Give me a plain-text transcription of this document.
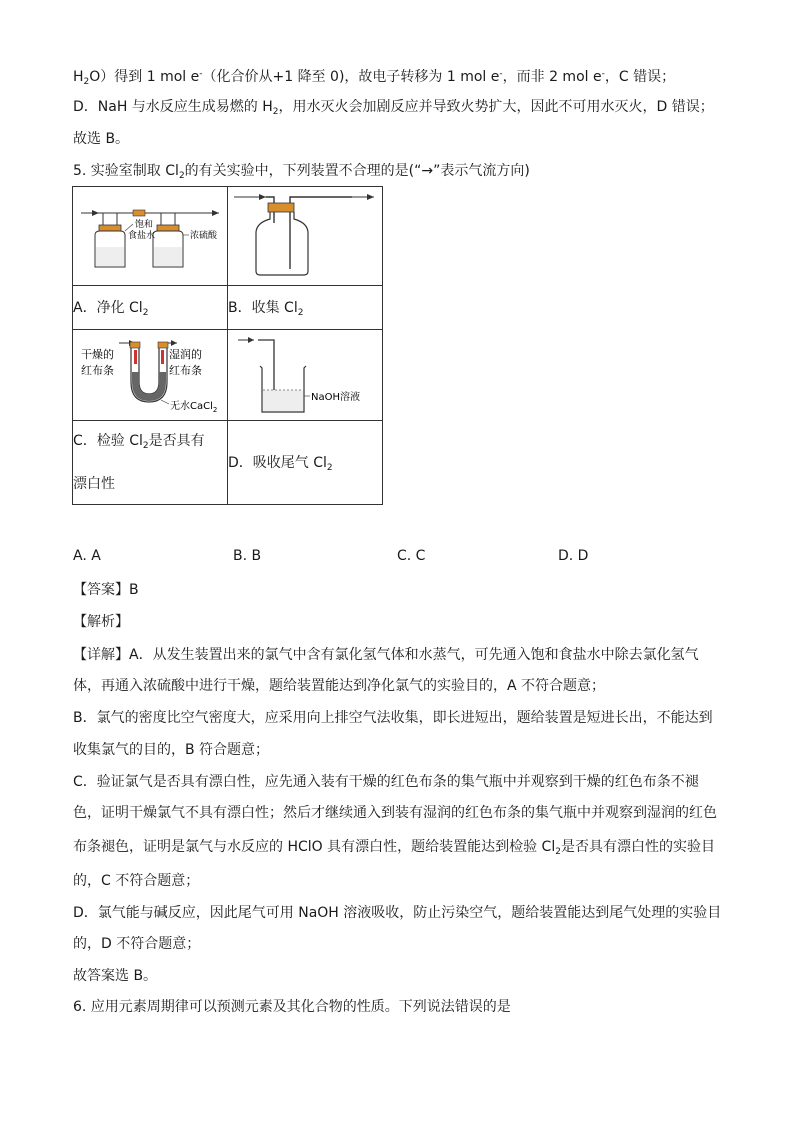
$H_2O$）得到 1 mol e-（化合价从+1 降至 0)，故电子转移为 1 mol e-，而非 2 mol e-，C 错误；
D．NaH 与水反应生成易燃的 $H_2$，用水灭火会加剧反应并导致火势扩大，因此不可用水灭火，D 错误；
故选 B。
5. 实验室制取 $Cl_2$的有关实验中，下列装置不合理的是(“→”表示气流方向)
饱和
食盐水 浓硫酸

A．净化 $Cl_2$	B．收集 $Cl_2$

干燥的
红布条
湿润的
红布条
无水CaCl$_2$	NaOH溶液

C．检验 $Cl_2$是否具有
漂白性	D．吸收尾气 $Cl_2$
A. A	B. B	C. C	D. D
【答案】B
【解析】
【详解】A．从发生装置出来的氯气中含有氯化氢气体和水蒸气，可先通入饱和食盐水中除去氯化氢气
体，再通入浓硫酸中进行干燥，题给装置能达到净化氯气的实验目的，A 不符合题意；
B．氯气的密度比空气密度大，应采用向上排空气法收集，即长进短出，题给装置是短进长出，不能达到
收集氯气的目的，B 符合题意；
C．验证氯气是否具有漂白性，应先通入装有干燥的红色布条的集气瓶中并观察到干燥的红色布条不褪
色，证明干燥氯气不具有漂白性；然后才继续通入到装有湿润的红色布条的集气瓶中并观察到湿润的红色
布条褪色，证明是氯气与水反应的 HClO 具有漂白性，题给装置能达到检验 $Cl_2$是否具有漂白性的实验目
的，C 不符合题意；
D．氯气能与碱反应，因此尾气可用 NaOH 溶液吸收，防止污染空气，题给装置能达到尾气处理的实验目
的，D 不符合题意；
故答案选 B。
6. 应用元素周期律可以预测元素及其化合物的性质。下列说法错误的是
